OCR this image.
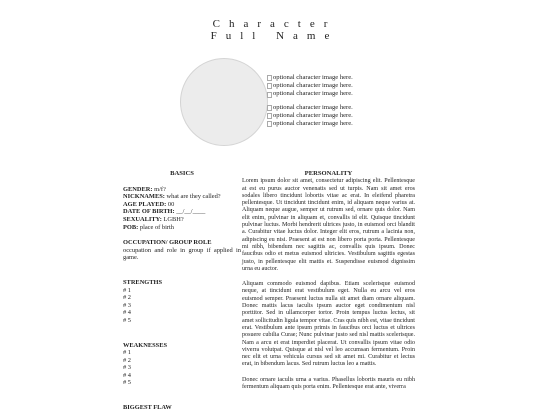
Character
Full Name
optional character image here.
optional character image here.
optional character image here.
optional character image here.
optional character image here.
optional character image here.
BASICS
GENDER: m/f?
NICKNAMES: what are they called?
AGE PLAYED: 00
DATE OF BIRTH: __/__/____
SEXUALITY: LGBH?
POB: place of birth
OCCUPATION/ GROUP ROLE
occupation and role in group if applied in game.
STRENGTHS
# 1
# 2
# 3
# 4
# 5
WEAKNESSES
# 1
# 2
# 3
# 4
# 5
BIGGEST FLAW
PERSONALITY

Lorem ipsum dolor sit amet, consectetur adipiscing elit. Pellentesque at est eu purus auctor venenatis sed ut turpis. Nam sit amet eros sodales libero tincidunt lobortis vitae ac erat. In eleifend pharetra pellentesque. Ut tincidunt tincidunt enim, id aliquam neque varius at. Aliquam neque augue, semper ut rutrum sed, ornare quis dolor. Nam elit enim, pulvinar in aliquam et, convallis id elit. Quisque tincidunt pulvinar luctus. Morbi hendrerit ultrices justo, in euismod orci blandit a. Curabitur vitae luctus dolor. Integer elit eros, rutrum a lacinia non, adipiscing eu nisi. Praesent at est non libero porta porta. Pellentesque mi nibh, bibendum nec sagittis ac, convallis quis ipsum. Donec faucibus odio et metus euismod ultricies. Vestibulum sagittis egestas justo, in pellentesque elit mattis et. Suspendisse euismod dignissim urna eu auctor.

Aliquam commodo euismod dapibus. Etiam scelerisque euismod neque, at tincidunt erat vestibulum eget. Nulla eu arcu vel eros euismod semper. Praesent luctus nulla sit amet diam ornare aliquam. Donec mattis lacus iaculis ipsum auctor eget condimentum nisl porttitor. Sed in ullamcorper tortor. Proin tempus luctus lectus, sit amet sollicitudin ligula tempor vitae. Cras quis nibh est, vitae tincidunt erat. Vestibulum ante ipsum primis in faucibus orci luctus et ultrices posuere cubilia Curae; Nunc pulvinar justo sed nisl mattis scelerisque. Nam a arcu et erat imperdiet placerat. Ut convallis ipsum vitae odio viverra volutpat. Quisque at nisl vel leo accumsan fermentum. Proin nec elit et urna vehicula cursus sed sit amet mi. Curabitur et lectus erat, in bibendum lacus. Sed rutrum luctus leo a mattis.

Donec ornare iaculis urna a varius. Phasellus lobortis mauris eu nibh fermentum aliquam quis porta enim. Pellentesque erat ante, viverra
